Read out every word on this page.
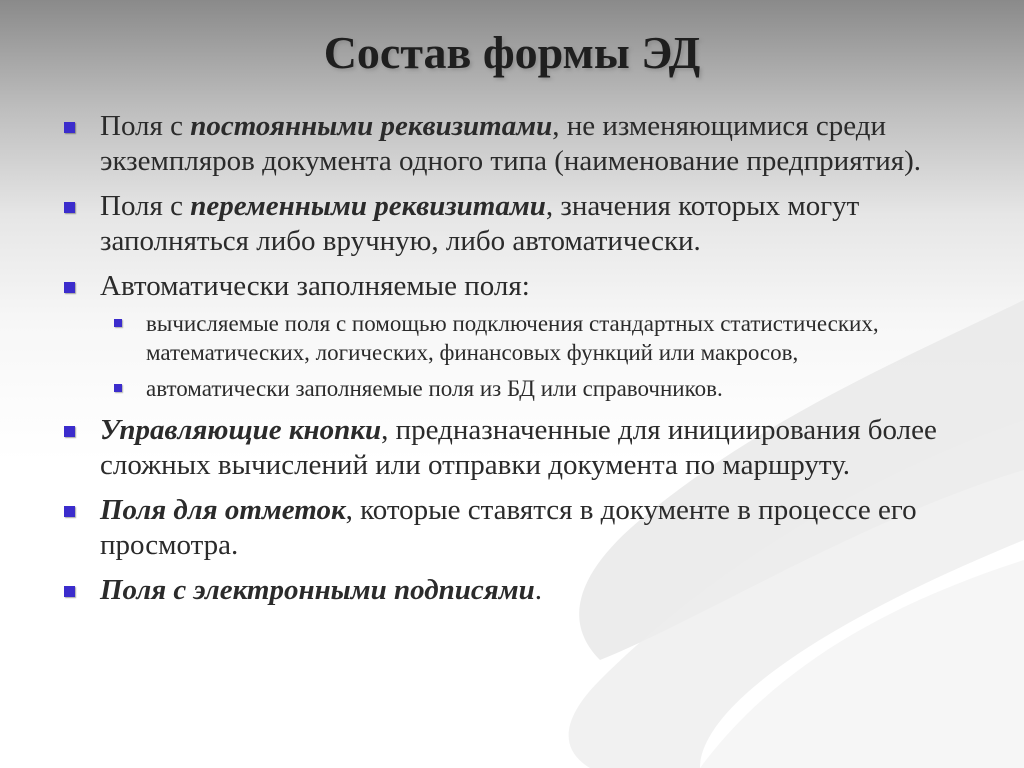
Состав формы ЭД
Поля с постоянными реквизитами, не изменяющимися среди экземпляров документа одного типа (наименование предприятия).
Поля с переменными реквизитами, значения которых могут заполняться либо вручную, либо автоматически.
Автоматически заполняемые поля:
вычисляемые поля с помощью подключения стандартных статистических, математических, логических, финансовых функций или макросов,
автоматически заполняемые поля из БД или справочников.
Управляющие кнопки, предназначенные для инициирования более сложных вычислений или отправки документа по маршруту.
Поля для отметок, которые ставятся в документе в процессе его просмотра.
Поля с электронными подписями.
